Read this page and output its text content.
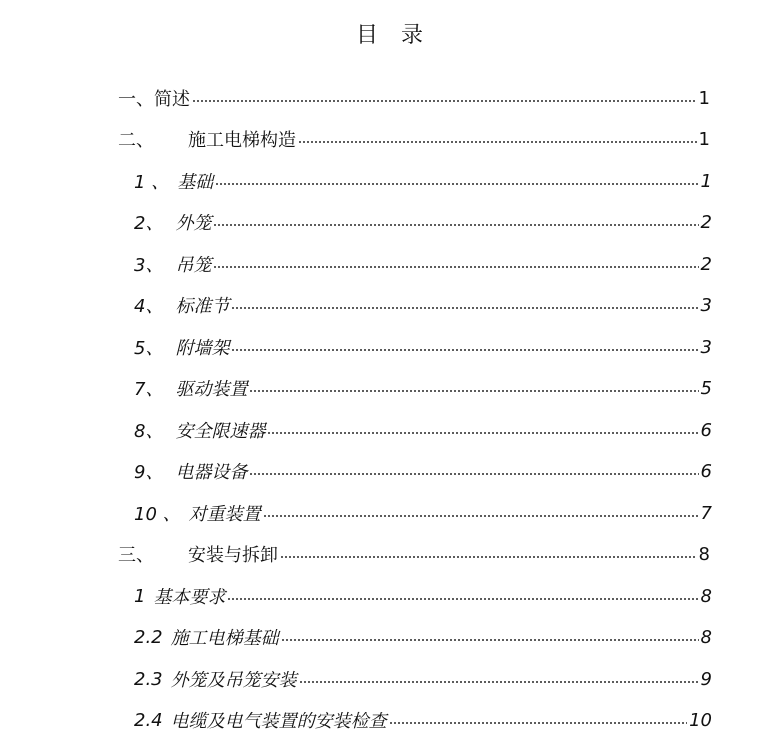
目 录
一、 简述	1
二、 施工电梯构造	1
1 、 基础	1
2、 外笼	2
3、 吊笼	2
4、 标准节	3
5、 附墙架	3
7、 驱动装置	5
8、 安全限速器	6
9、 电器设备	6
10 、 对重装置	7
三、 安装与拆卸	8
1 基本要求	8
2.2 施工电梯基础	8
2.3 外笼及吊笼安装	9
2.4 电缆及电气装置的安装检查	10
